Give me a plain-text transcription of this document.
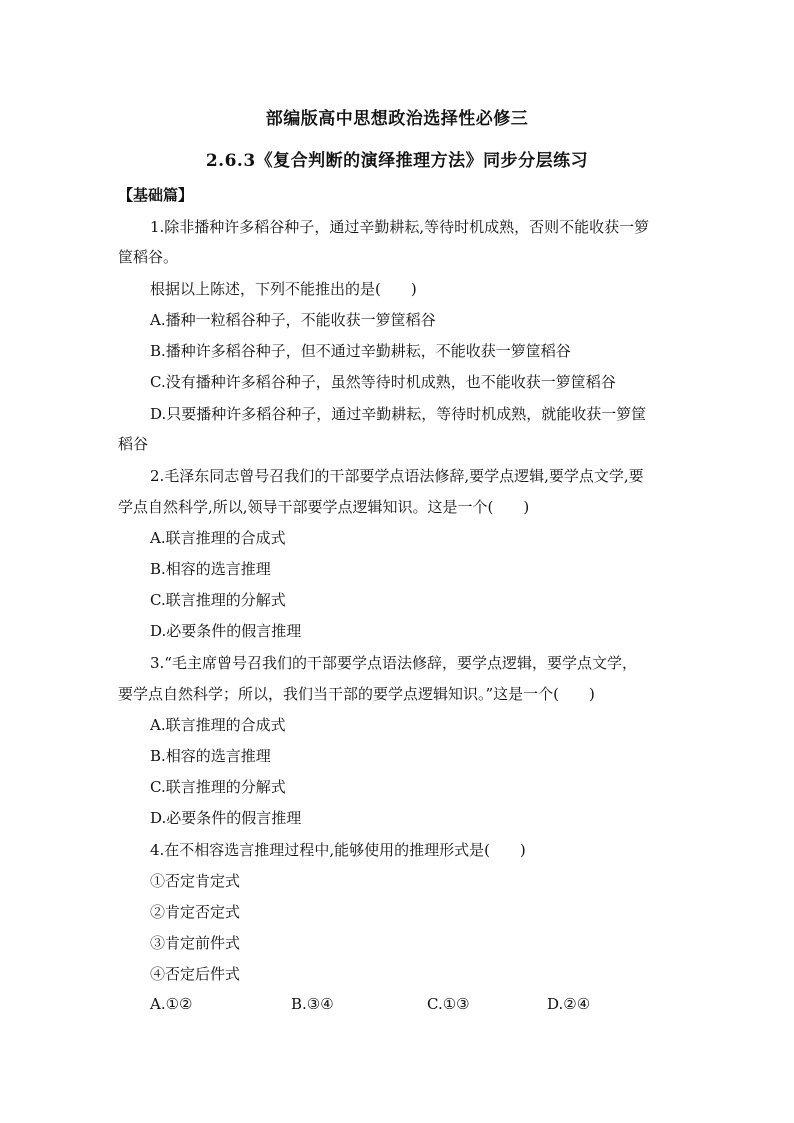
部编版高中思想政治选择性必修三
2.6.3《复合判断的演绎推理方法》同步分层练习
【基础篇】
1.除非播种许多稻谷种子，通过辛勤耕耘,等待时机成熟，否则不能收获一箩
筐稻谷。
根据以上陈述，下列不能推出的是(　　)
A.播种一粒稻谷种子，不能收获一箩筐稻谷
B.播种许多稻谷种子，但不通过辛勤耕耘，不能收获一箩筐稻谷
C.没有播种许多稻谷种子，虽然等待时机成熟，也不能收获一箩筐稻谷
D.只要播种许多稻谷种子，通过辛勤耕耘，等待时机成熟，就能收获一箩筐
稻谷
2.毛泽东同志曾号召我们的干部要学点语法修辞,要学点逻辑,要学点文学,要
学点自然科学,所以,领导干部要学点逻辑知识。这是一个(　　)
A.联言推理的合成式
B.相容的选言推理
C.联言推理的分解式
D.必要条件的假言推理
3.“毛主席曾号召我们的干部要学点语法修辞，要学点逻辑，要学点文学，
要学点自然科学；所以，我们当干部的要学点逻辑知识。”这是一个(　　)
A.联言推理的合成式
B.相容的选言推理
C.联言推理的分解式
D.必要条件的假言推理
4.在不相容选言推理过程中,能够使用的推理形式是(　　)
①否定肯定式
②肯定否定式
③肯定前件式
④否定后件式
A.①②	B.③④	C.①③	D.②④
